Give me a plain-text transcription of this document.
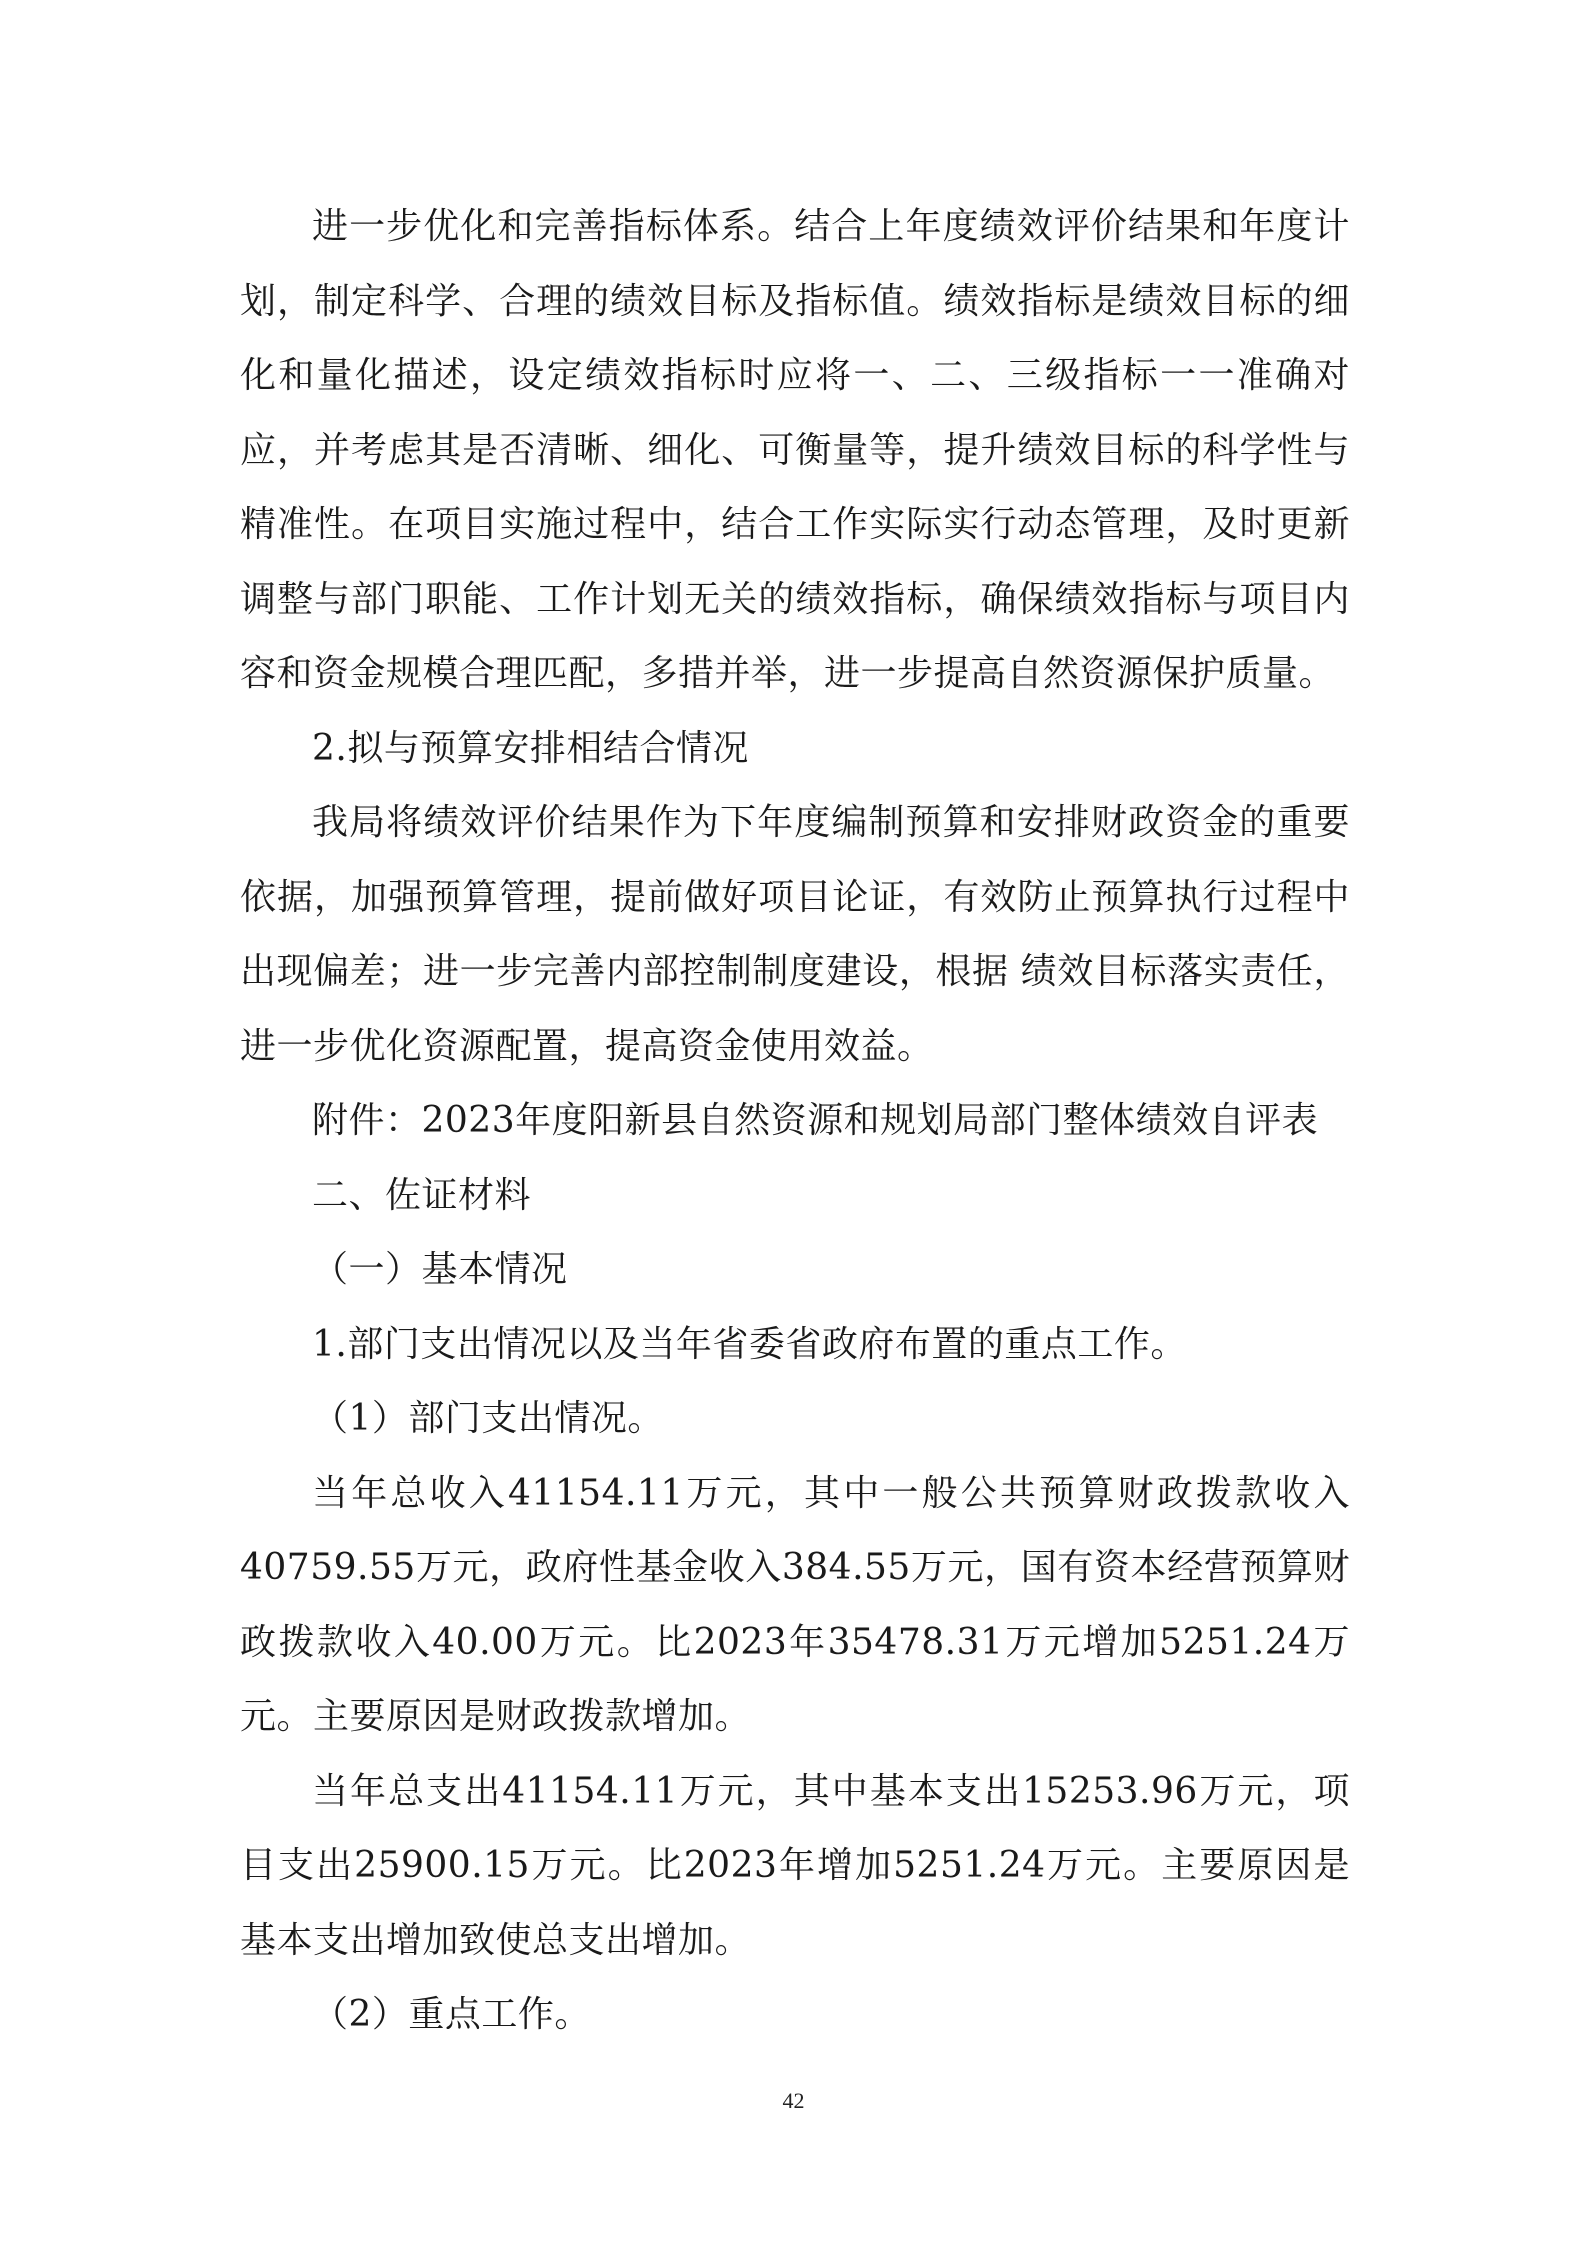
进一步优化和完善指标体系。结合上年度绩效评价结果和年度计划，制定科学、合理的绩效目标及指标值。绩效指标是绩效目标的细化和量化描述，设定绩效指标时应将一、二、三级指标一一准确对应，并考虑其是否清晰、细化、可衡量等，提升绩效目标的科学性与精准性。在项目实施过程中，结合工作实际实行动态管理，及时更新调整与部门职能、工作计划无关的绩效指标，确保绩效指标与项目内容和资金规模合理匹配，多措并举，进一步提高自然资源保护质量。

2.拟与预算安排相结合情况

我局将绩效评价结果作为下年度编制预算和安排财政资金的重要依据，加强预算管理，提前做好项目论证，有效防止预算执行过程中出现偏差；进一步完善内部控制制度建设，根据 绩效目标落实责任，进一步优化资源配置，提高资金使用效益。

附件：2023年度阳新县自然资源和规划局部门整体绩效自评表

二、佐证材料

（一）基本情况

1.部门支出情况以及当年省委省政府布置的重点工作。

（1）部门支出情况。

当年总收入41154.11万元，其中一般公共预算财政拨款收入40759.55万元，政府性基金收入384.55万元，国有资本经营预算财政拨款收入40.00万元。比2023年35478.31万元增加5251.24万元。主要原因是财政拨款增加。

当年总支出41154.11万元，其中基本支出15253.96万元，项目支出25900.15万元。比2023年增加5251.24万元。主要原因是基本支出增加致使总支出增加。

（2）重点工作。

42
